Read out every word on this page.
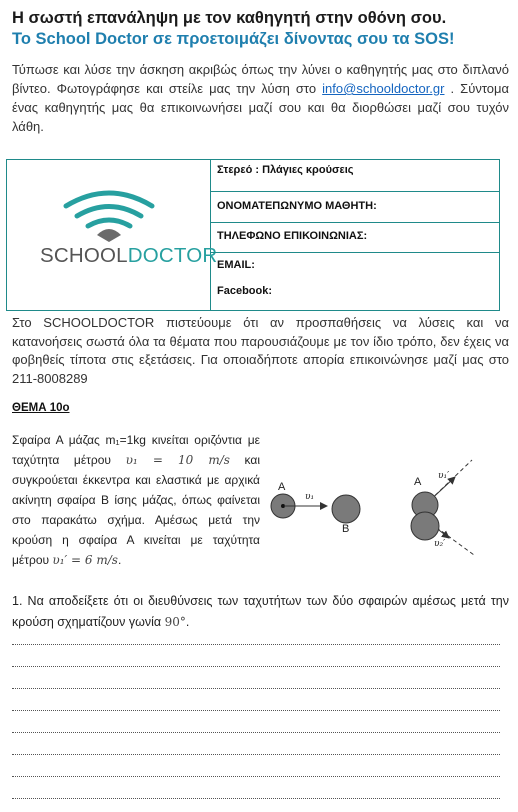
Η σωστή επανάληψη με τον καθηγητή στην οθόνη σου.
Το School Doctor σε προετοιμάζει δίνοντας σου τα SOS!
Τύπωσε και λύσε την άσκηση ακριβώς όπως την λύνει ο καθηγητής μας στο διπλανό βίντεο. Φωτογράφησε και στείλε μας την λύση στο info@schooldoctor.gr . Σύντομα ένας καθηγητής μας θα επικοινωνήσει μαζί σου και θα διορθώσει μαζί σου τυχόν λάθη.
SCHOOLDOCTOR
Στερεό : Πλάγιες κρούσεις
ΟΝΟΜΑΤΕΠΩΝΥΜΟ ΜΑΘΗΤΗ:
ΤΗΛΕΦΩΝΟ ΕΠΙΚΟΙΝΩΝΙΑΣ:
EMAIL:
Facebook:
Στο SCHOOLDOCTOR πιστεύουμε ότι αν προσπαθήσεις να λύσεις και να κατανοήσεις σωστά όλα τα θέματα που παρουσιάζουμε με τον ίδιο τρόπο, δεν έχεις να φοβηθείς τίποτα στις εξετάσεις. Για οποιαδήποτε απορία επικοινώνησε μαζί μας στο 211-8008289
ΘΕΜΑ 10ο
Σφαίρα Α μάζας m₁=1kg κινείται οριζόντια με ταχύτητα μέτρου υ₁ = 10 m/s και συγκρούεται έκκεντρα και ελαστικά με αρχικά ακίνητη σφαίρα Β ίσης μάζας, όπως φαίνεται στο παρακάτω σχήμα. Αμέσως μετά την κρούση η σφαίρα Α κινείται με ταχύτητα μέτρου υ₁′ = 6 m/s.
A
υ₁
B
A υ₁′
υ₂′
1. Να αποδείξετε ότι οι διευθύνσεις των ταχυτήτων των δύο σφαιρών αμέσως μετά την κρούση σχηματίζουν γωνία 90°.
